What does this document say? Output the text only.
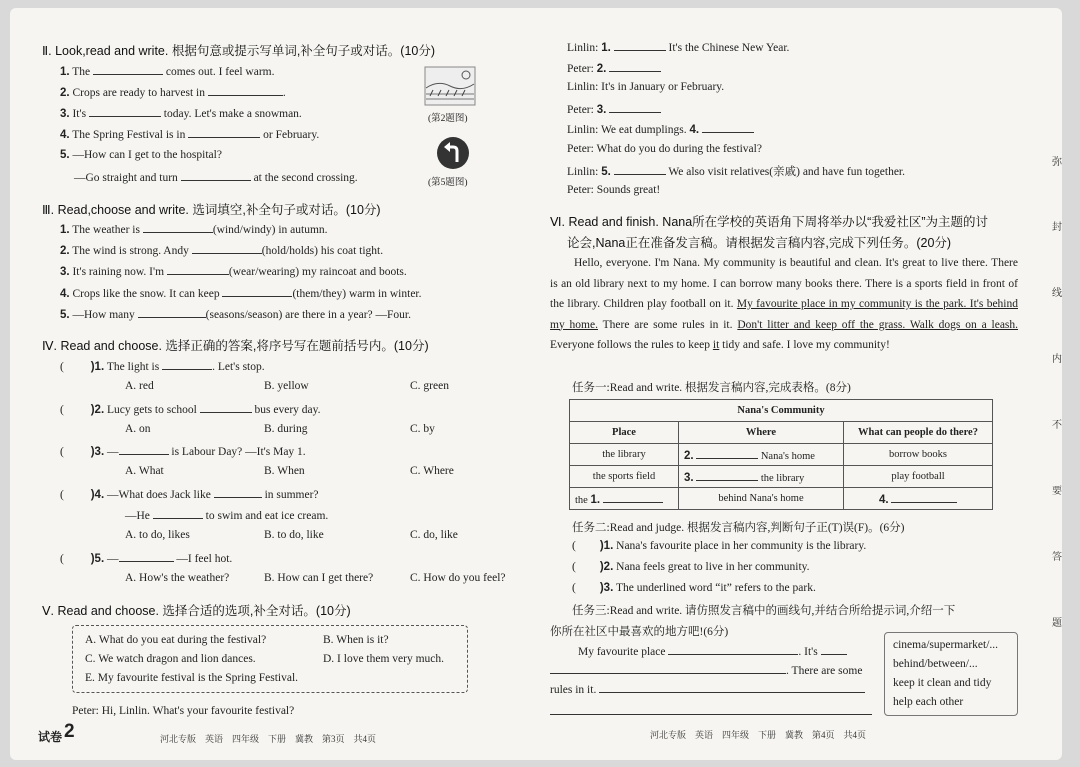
Ⅱ. Look,read and write. 根据句意或提示写单词,补全句子或对话。(10分)
1. The	comes out. I feel warm.
2. Crops are ready to harvest in	.
3. It's	today. Let's make a snowman.
4. The Spring Festival is in	or February.
5. —How can I get to the hospital?
—Go straight and turn	at the second crossing.
(第2题图)
(第5题图)
Ⅲ. Read,choose and write. 选词填空,补全句子或对话。(10分)
1. The weather is	(wind/windy) in autumn.
2. The wind is strong. Andy	(hold/holds) his coat tight.
3. It's raining now. I'm	(wear/wearing) my raincoat and boots.
4. Crops like the snow. It can keep	(them/they) warm in winter.
5. —How many	(seasons/season) are there in a year? —Four.
Ⅳ. Read and choose. 选择正确的答案,将序号写在题前括号内。(10分)
( )1. The light is	. Let's stop.
A. red	B. yellow	C. green
( )2. Lucy gets to school	bus every day.
A. on	B. during	C. by
( )3. —	is Labour Day? —It's May 1.
A. What	B. When	C. Where
( )4. —What does Jack like	in summer?
—He	to swim and eat ice cream.
A. to do, likes	B. to do, like	C. do, like
( )5. —	—I feel hot.
A. How's the weather?	B. How can I get there?	C. How do you feel?
Ⅴ. Read and choose. 选择合适的选项,补全对话。(10分)
A. What do you eat during the festival?	B. When is it?
C. We watch dragon and lion dances.	D. I love them very much.
E. My favourite festival is the Spring Festival.
Peter: Hi, Linlin. What's your favourite festival?
试卷 2	河北专版　英语　四年级　下册　冀教　第3页　共4页
Linlin: 1.	It's the Chinese New Year.
Peter: 2.
Linlin: It's in January or February.
Peter: 3.
Linlin: We eat dumplings. 4.
Peter: What do you do during the festival?
Linlin: 5.	We also visit relatives(亲戚) and have fun together.
Peter: Sounds great!
Ⅵ. Read and finish. Nana所在学校的英语角下周将举办以“我爱社区”为主题的讨
论会,Nana正在准备发言稿。请根据发言稿内容,完成下列任务。(20分)
Hello, everyone. I'm Nana. My community is beautiful and clean. It's great to live there. There is an old library next to my home. I can borrow many books there. There is a sports field in front of the library. Children play football on it. My favourite place in my community is the park. It's behind my home. There are some rules in it. Don't litter and keep off the grass. Walk dogs on a leash. Everyone follows the rules to keep it tidy and safe. I love my community!
任务一:Read and write. 根据发言稿内容,完成表格。(8分)
Nana's Community		
Place	Where	What can people do there?
the library	2. Nana's home	borrow books
the sports field	3. the library	play football
the 1.	behind Nana's home	4.
任务二:Read and judge. 根据发言稿内容,判断句子正(T)误(F)。(6分)
( )1. Nana's favourite place in her community is the library.
( )2. Nana feels great to live in her community.
( )3. The underlined word “it” refers to the park.
任务三:Read and write. 请仿照发言稿中的画线句,并结合所给提示词,介绍一下
你所在社区中最喜欢的地方吧!(6分)
My favourite place	. It's
. There are some
rules in it.
cinema/supermarket/...
behind/between/...
keep it clean and tidy
help each other
河北专版　英语　四年级　下册　冀教　第4页　共4页
弥
封
线
内
不
要
答
题
